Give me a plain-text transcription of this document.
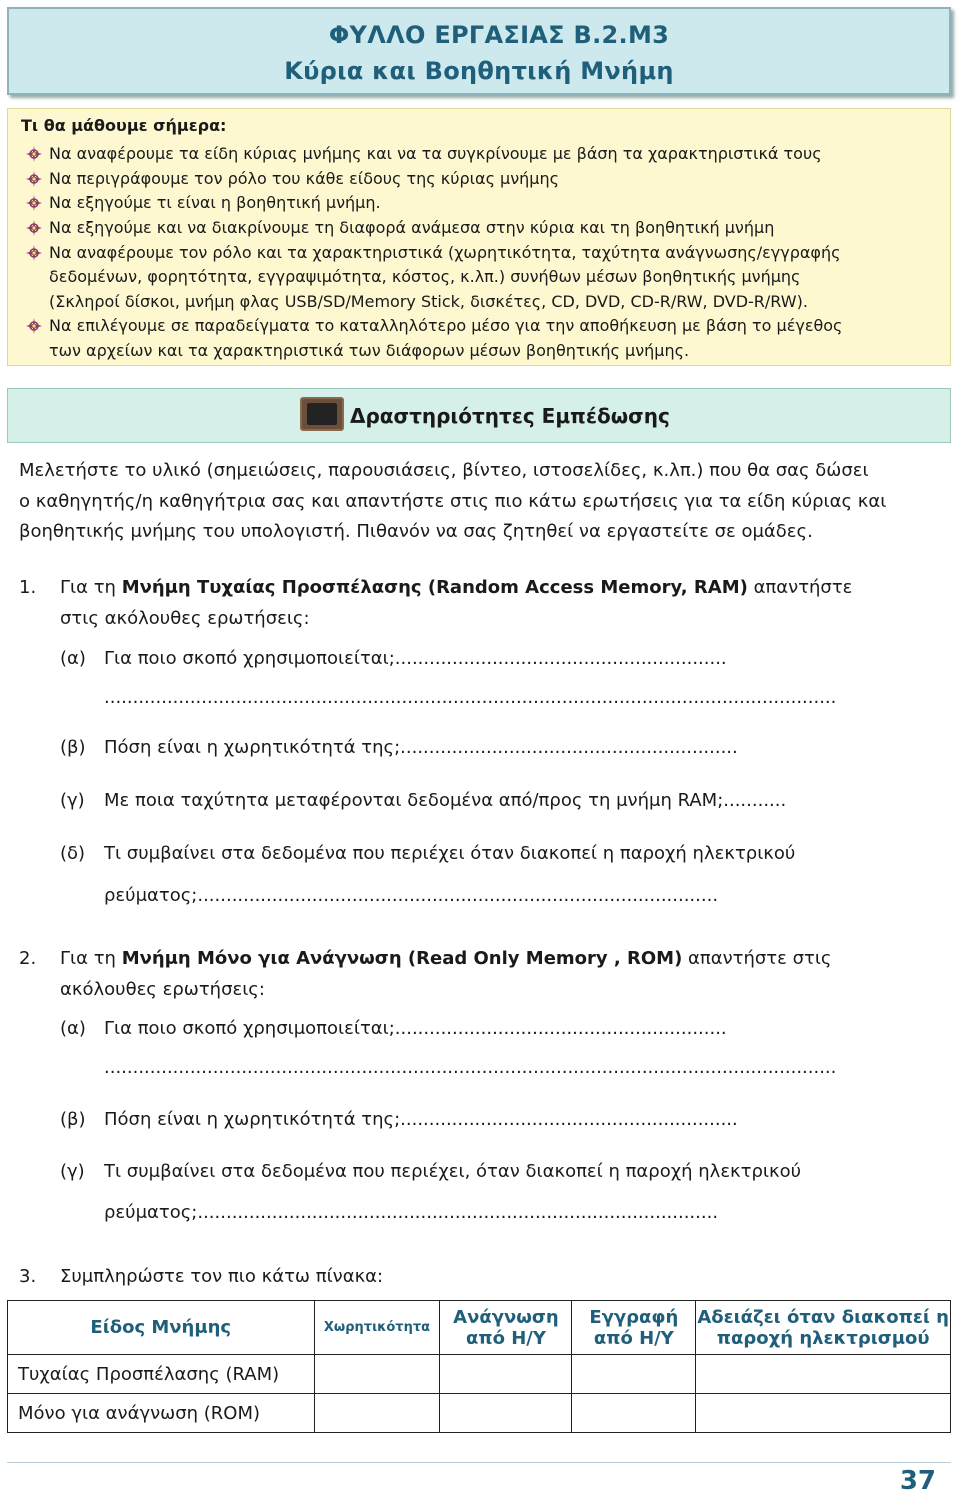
ΦΥΛΛΟ ΕΡΓΑΣΙΑΣ Β.2.Μ3
Κύρια και Βοηθητική Μνήμη
Τι θα μάθουμε σήμερα:
Να αναφέρουμε τα είδη κύριας μνήμης και να τα συγκρίνουμε με βάση τα χαρακτηριστικά τους
Να περιγράφουμε τον ρόλο του κάθε είδους της κύριας μνήμης
Να εξηγούμε τι είναι η βοηθητική μνήμη.
Να εξηγούμε και να διακρίνουμε τη διαφορά ανάμεσα στην κύρια και τη βοηθητική μνήμη
Να αναφέρουμε τον ρόλο και τα χαρακτηριστικά (χωρητικότητα, ταχύτητα ανάγνωσης/εγγραφής
δεδομένων, φορητότητα, εγγραψιμότητα, κόστος, κ.λπ.) συνήθων μέσων βοηθητικής μνήμης
(Σκληροί δίσκοι, μνήμη φλας USB/SD/Memory Stick, δισκέτες, CD, DVD, CD-R/RW, DVD-R/RW).
Να επιλέγουμε σε παραδείγματα το καταλληλότερο μέσο για την αποθήκευση με βάση το μέγεθος
των αρχείων και τα χαρακτηριστικά των διάφορων μέσων βοηθητικής μνήμης.
Δραστηριότητες Εμπέδωσης
Μελετήστε το υλικό (σημειώσεις, παρουσιάσεις, βίντεο, ιστοσελίδες, κ.λπ.) που θα σας δώσει
ο καθηγητής/η καθηγήτρια σας και απαντήστε στις πιο κάτω ερωτήσεις για τα είδη κύριας και
βοηθητικής μνήμης του υπολογιστή. Πιθανόν να σας ζητηθεί να εργαστείτε σε ομάδες.
1. Για τη Μνήμη Τυχαίας Προσπέλασης (Random Access Memory, RAM) απαντήστε
στις ακόλουθες ερωτήσεις:
(α) Για ποιο σκοπό χρησιμοποιείται;..........................................................
................................................................................................................................
(β) Πόση είναι η χωρητικότητά της;...........................................................
(γ) Με ποια ταχύτητα μεταφέρονται δεδομένα από/προς τη μνήμη RAM;...........
(δ) Τι συμβαίνει στα δεδομένα που περιέχει όταν διακοπεί η παροχή ηλεκτρικού
ρεύματος;...........................................................................................
2. Για τη Μνήμη Μόνο για Ανάγνωση (Read Only Memory , ROM) απαντήστε στις
ακόλουθες ερωτήσεις:
(α) Για ποιο σκοπό χρησιμοποιείται;..........................................................
................................................................................................................................
(β) Πόση είναι η χωρητικότητά της;...........................................................
(γ) Τι συμβαίνει στα δεδομένα που περιέχει, όταν διακοπεί η παροχή ηλεκτρικού
ρεύματος;...........................................................................................
3. Συμπληρώστε τον πιο κάτω πίνακα:
Είδος Μνήμης	Χωρητικότητα	Ανάγνωση από Η/Υ	Εγγραφή από Η/Υ	Αδειάζει όταν διακοπεί η παροχή ηλεκτρισμού
Τυχαίας Προσπέλασης (RAM)				
Μόνο για ανάγνωση (ROM)				
37
